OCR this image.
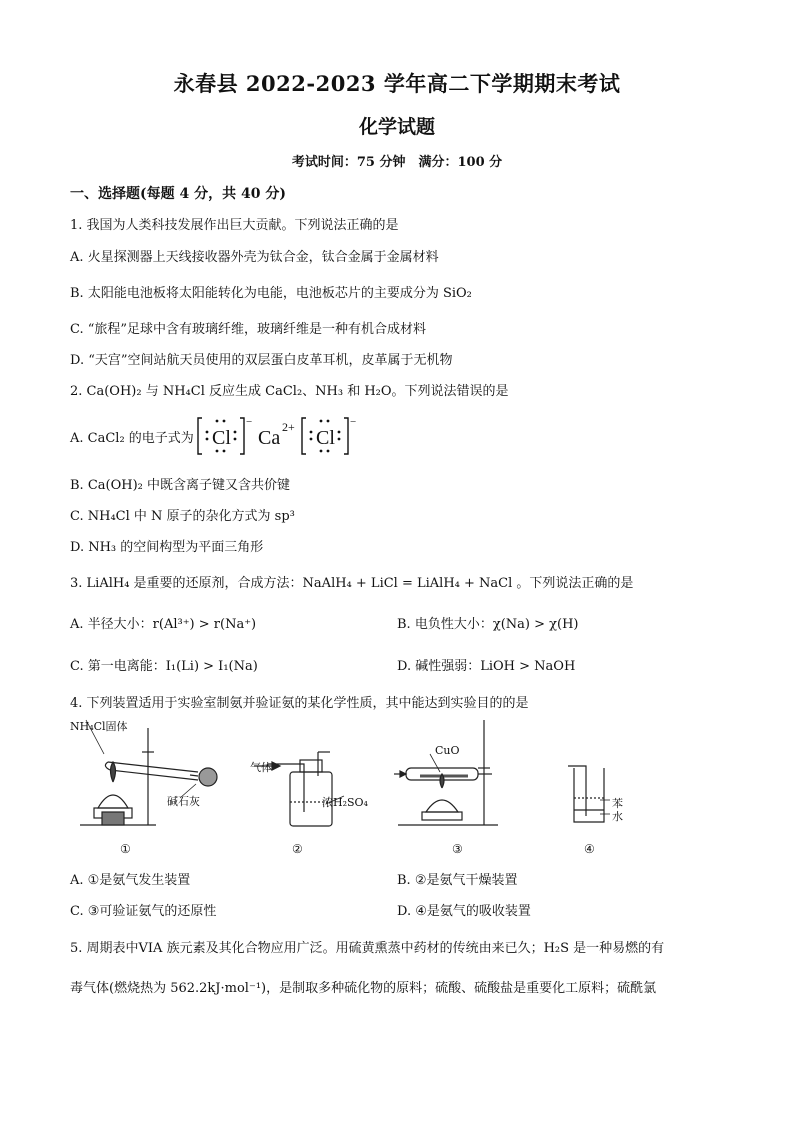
永春县 2022-2023 学年高二下学期期末考试
化学试题
考试时间：75 分钟　满分：100 分
一、选择题(每题 4 分，共 40 分)
1. 我国为人类科技发展作出巨大贡献。下列说法正确的是
A. 火星探测器上天线接收器外壳为钛合金，钛合金属于金属材料
B. 太阳能电池板将太阳能转化为电能，电池板芯片的主要成分为 SiO₂
C. “旅程”足球中含有玻璃纤维，玻璃纤维是一种有机合成材料
D. “天宫”空间站航天员使用的双层蛋白皮革耳机，皮革属于无机物
2. Ca(OH)₂ 与 NH₄Cl 反应生成 CaCl₂、NH₃ 和 H₂O。下列说法错误的是
A. CaCl₂ 的电子式为 Cl
−
Ca 2+ Cl
−
B. Ca(OH)₂ 中既含离子键又含共价键
C. NH₄Cl 中 N 原子的杂化方式为 sp³
D. NH₃ 的空间构型为平面三角形
3. LiAlH₄ 是重要的还原剂，合成方法：NaAlH₄ + LiCl = LiAlH₄ + NaCl 。下列说法正确的是
A. 半径大小：r(Al³⁺) > r(Na⁺)	B. 电负性大小：χ(Na) > χ(H)
C. 第一电离能：I₁(Li) > I₁(Na)	D. 碱性强弱：LiOH > NaOH
4. 下列装置适用于实验室制氨并验证氨的某化学性质，其中能达到实验目的的是
NH₄Cl固体
碱石灰
气体
浓H₂SO₄
CuO
苯
水
①	②	③	④
A. ①是氨气发生装置	B. ②是氨气干燥装置
C. ③可验证氨气的还原性	D. ④是氨气的吸收装置
5. 周期表中VIA 族元素及其化合物应用广泛。用硫黄熏蒸中药材的传统由来已久；H₂S 是一种易燃的有
毒气体(燃烧热为 562.2kJ·mol⁻¹)，是制取多种硫化物的原料；硫酸、硫酸盐是重要化工原料；硫酰氯
